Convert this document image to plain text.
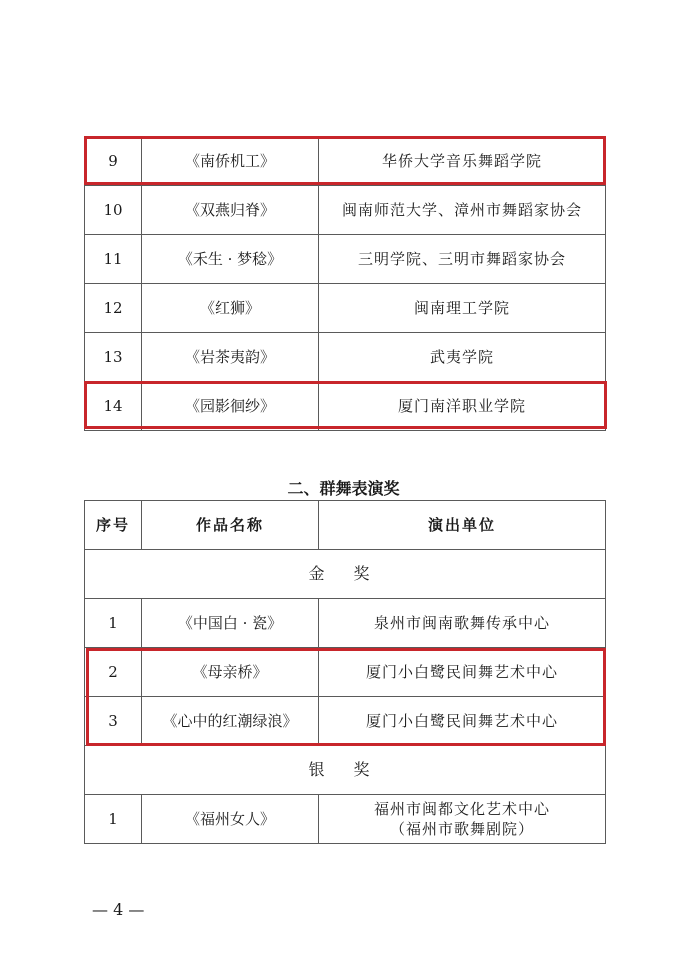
9	《南侨机工》	华侨大学音乐舞蹈学院
10	《双燕归脊》	闽南师范大学、漳州市舞蹈家协会
11	《禾生 · 梦稔》	三明学院、三明市舞蹈家协会
12	《红狮》	闽南理工学院
13	《岩茶夷韵》	武夷学院
14	《园影徊纱》	厦门南洋职业学院
二、群舞表演奖
序号	作品名称	演出单位
金 奖		
1	《中国白 · 瓷》	泉州市闽南歌舞传承中心
2	《母亲桥》	厦门小白鹭民间舞艺术中心
3	《心中的红潮绿浪》	厦门小白鹭民间舞艺术中心
银 奖		
1	《福州女人》	福州市闽都文化艺术中心
（福州市歌舞剧院）
— 4 —
